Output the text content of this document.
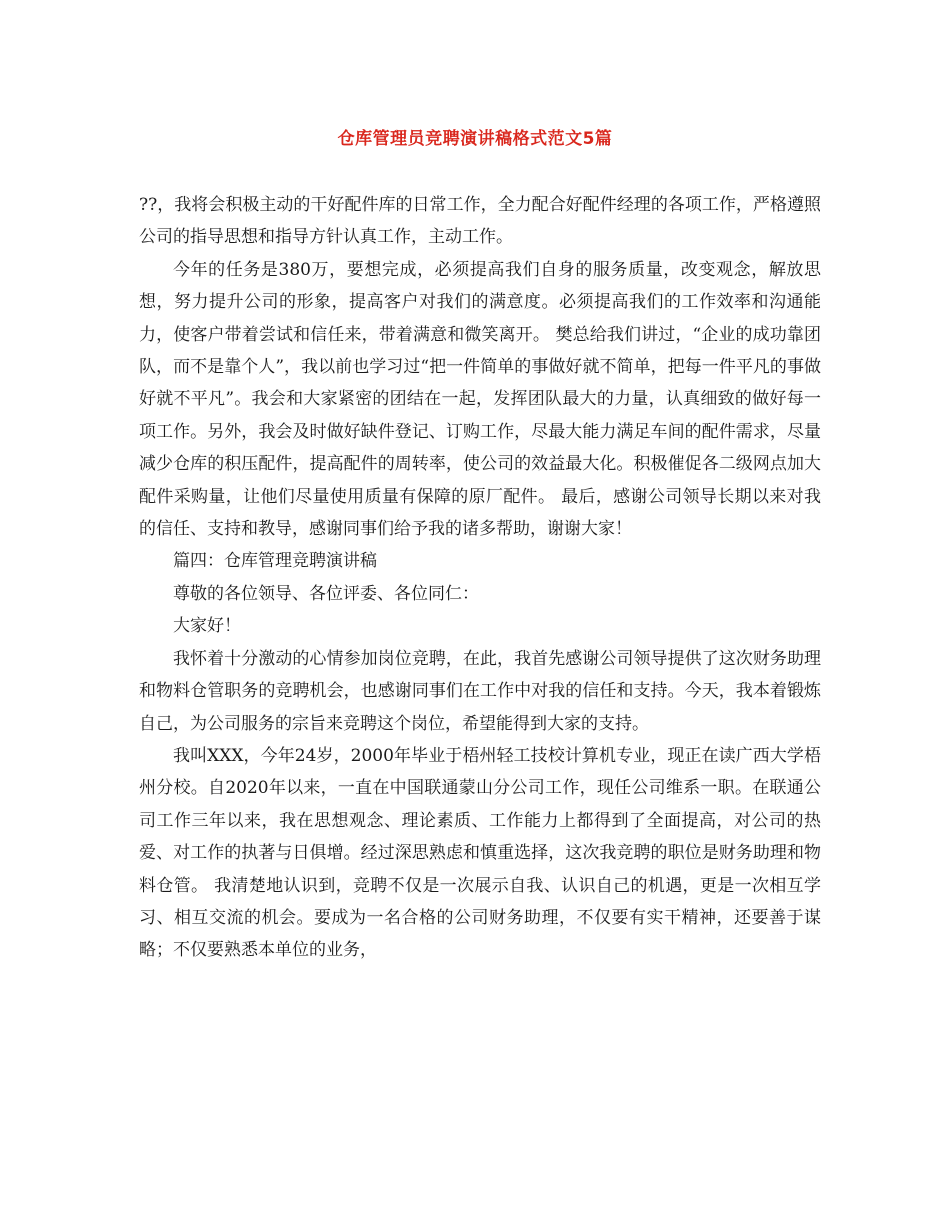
仓库管理员竞聘演讲稿格式范文5篇

??，我将会积极主动的干好配件库的日常工作，全力配合好配件经理的各项工作，严格遵照公司的指导思想和指导方针认真工作，主动工作。

今年的任务是380万，要想完成，必须提高我们自身的服务质量，改变观念，解放思想，努力提升公司的形象，提高客户对我们的满意度。必须提高我们的工作效率和沟通能力，使客户带着尝试和信任来，带着满意和微笑离开。 樊总给我们讲过，“企业的成功靠团队，而不是靠个人”，我以前也学习过“把一件简单的事做好就不简单，把每一件平凡的事做好就不平凡”。我会和大家紧密的团结在一起，发挥团队最大的力量，认真细致的做好每一项工作。另外，我会及时做好缺件登记、订购工作，尽最大能力满足车间的配件需求，尽量减少仓库的积压配件，提高配件的周转率，使公司的效益最大化。积极催促各二级网点加大配件采购量，让他们尽量使用质量有保障的原厂配件。 最后，感谢公司领导长期以来对我的信任、支持和教导，感谢同事们给予我的诸多帮助，谢谢大家！

篇四：仓库管理竞聘演讲稿

尊敬的各位领导、各位评委、各位同仁：

大家好！

我怀着十分激动的心情参加岗位竞聘，在此，我首先感谢公司领导提供了这次财务助理和物料仓管职务的竞聘机会，也感谢同事们在工作中对我的信任和支持。今天，我本着锻炼自己，为公司服务的宗旨来竞聘这个岗位，希望能得到大家的支持。

我叫XXX，今年24岁，2000年毕业于梧州轻工技校计算机专业，现正在读广西大学梧州分校。自2020年以来，一直在中国联通蒙山分公司工作，现任公司维系一职。在联通公司工作三年以来，我在思想观念、理论素质、工作能力上都得到了全面提高，对公司的热爱、对工作的执著与日俱增。经过深思熟虑和慎重选择，这次我竞聘的职位是财务助理和物料仓管。 我清楚地认识到，竞聘不仅是一次展示自我、认识自己的机遇，更是一次相互学习、相互交流的机会。要成为一名合格的公司财务助理，不仅要有实干精神，还要善于谋略；不仅要熟悉本单位的业务，
